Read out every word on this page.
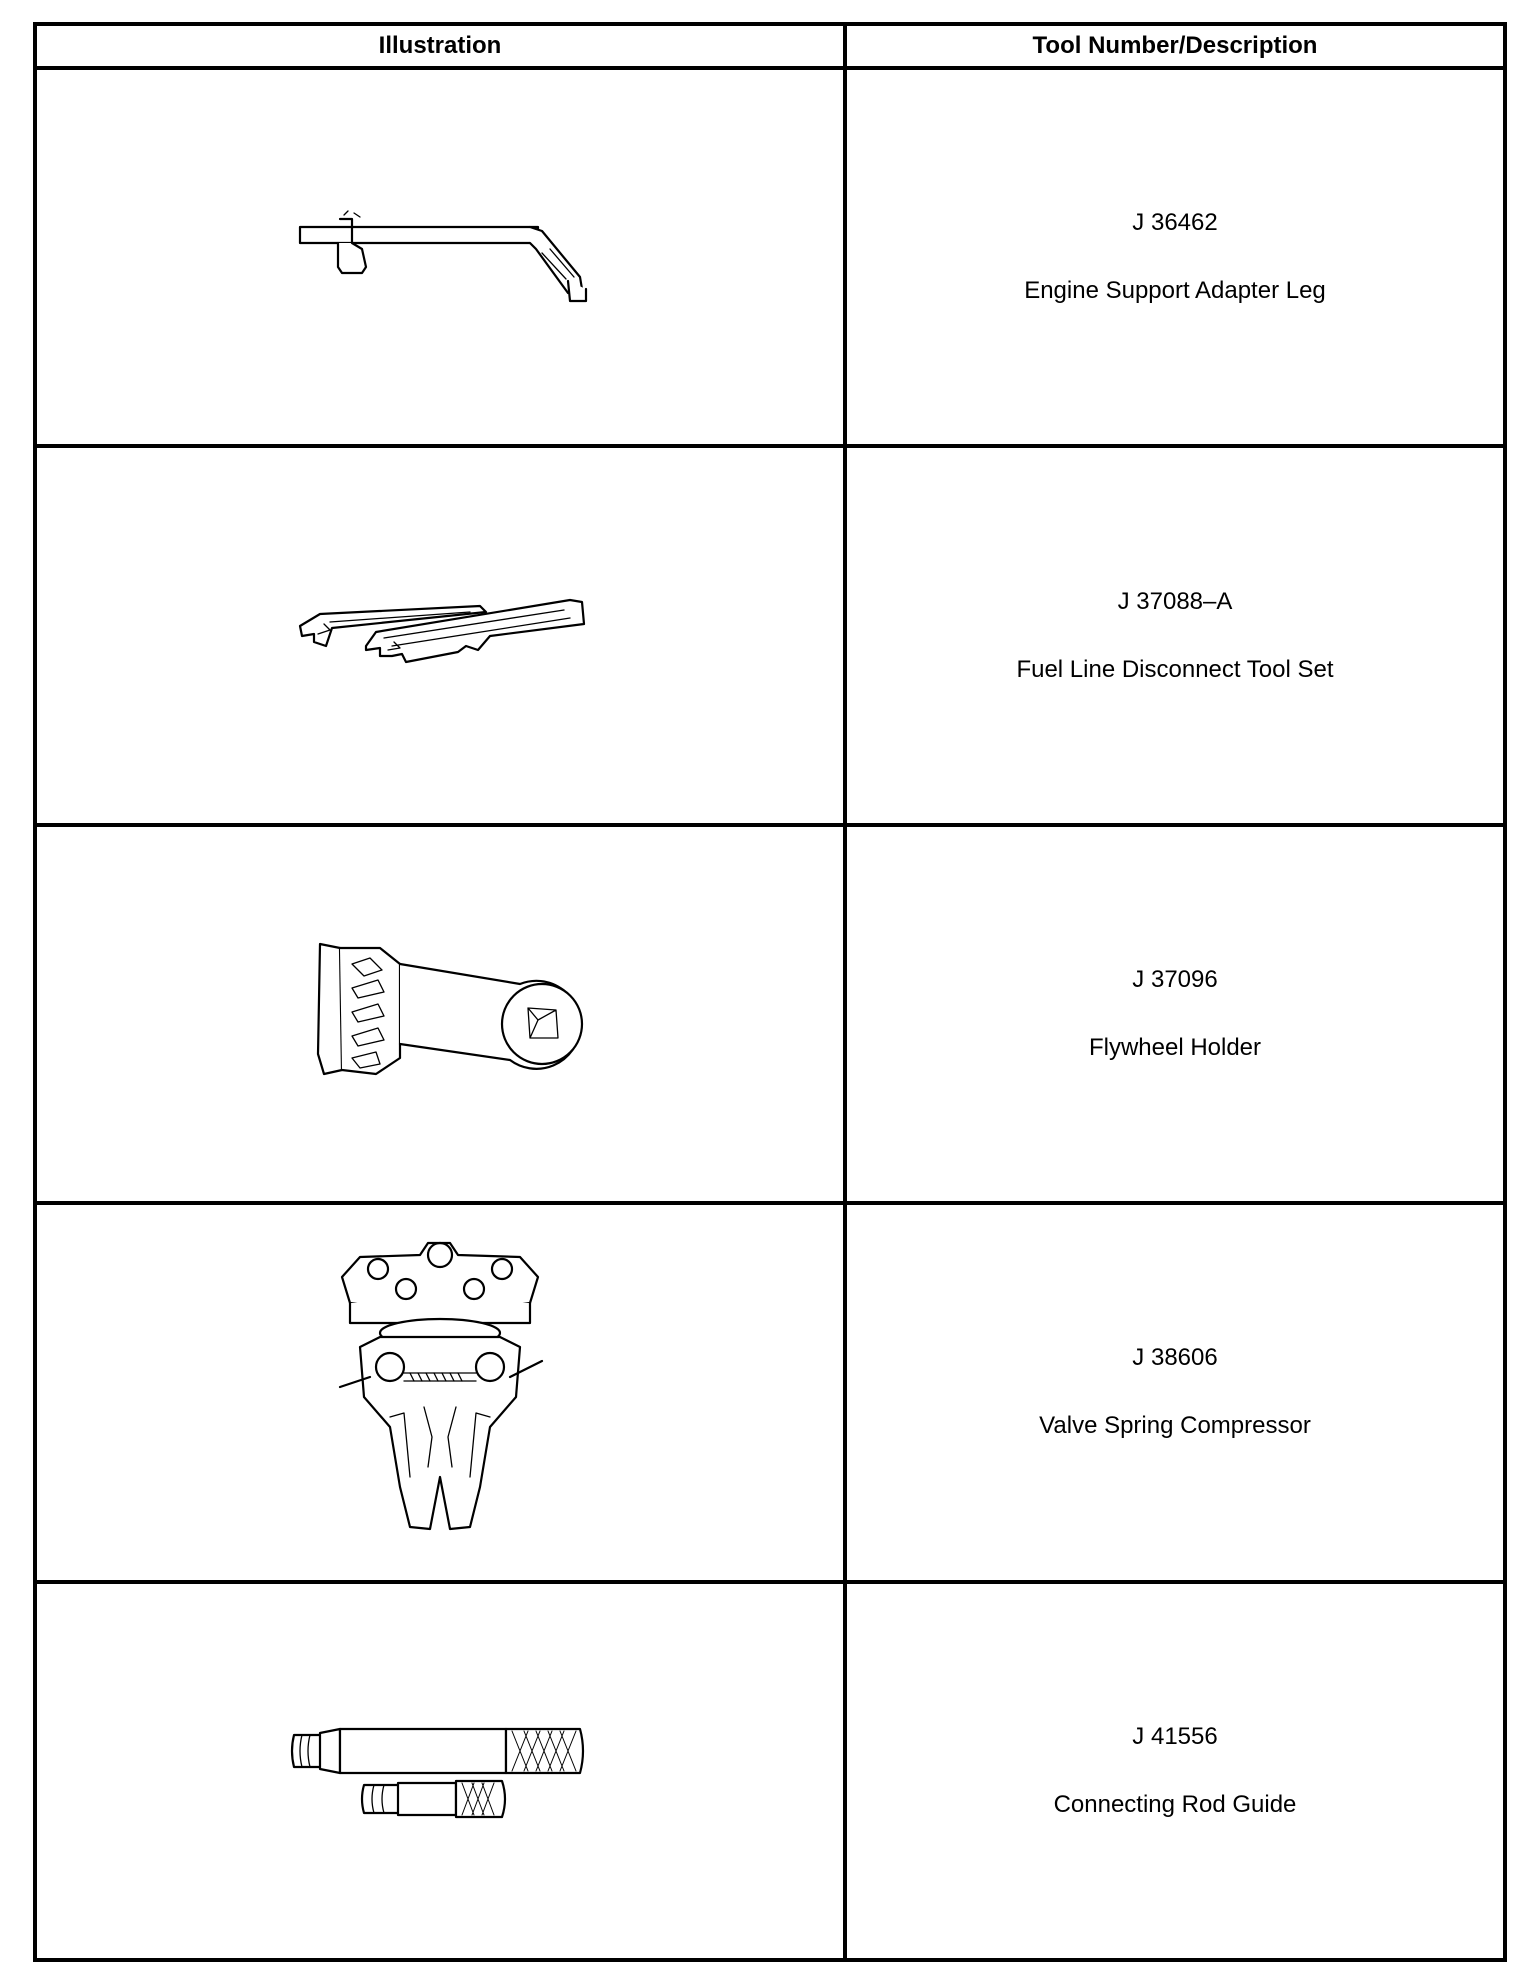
Illustration	Tool Number/Description

J 36462
Engine Support Adapter Leg

J 37088–A
Fuel Line Disconnect Tool Set

J 37096
Flywheel Holder

J 38606
Valve Spring Compressor

J 41556
Connecting Rod Guide
